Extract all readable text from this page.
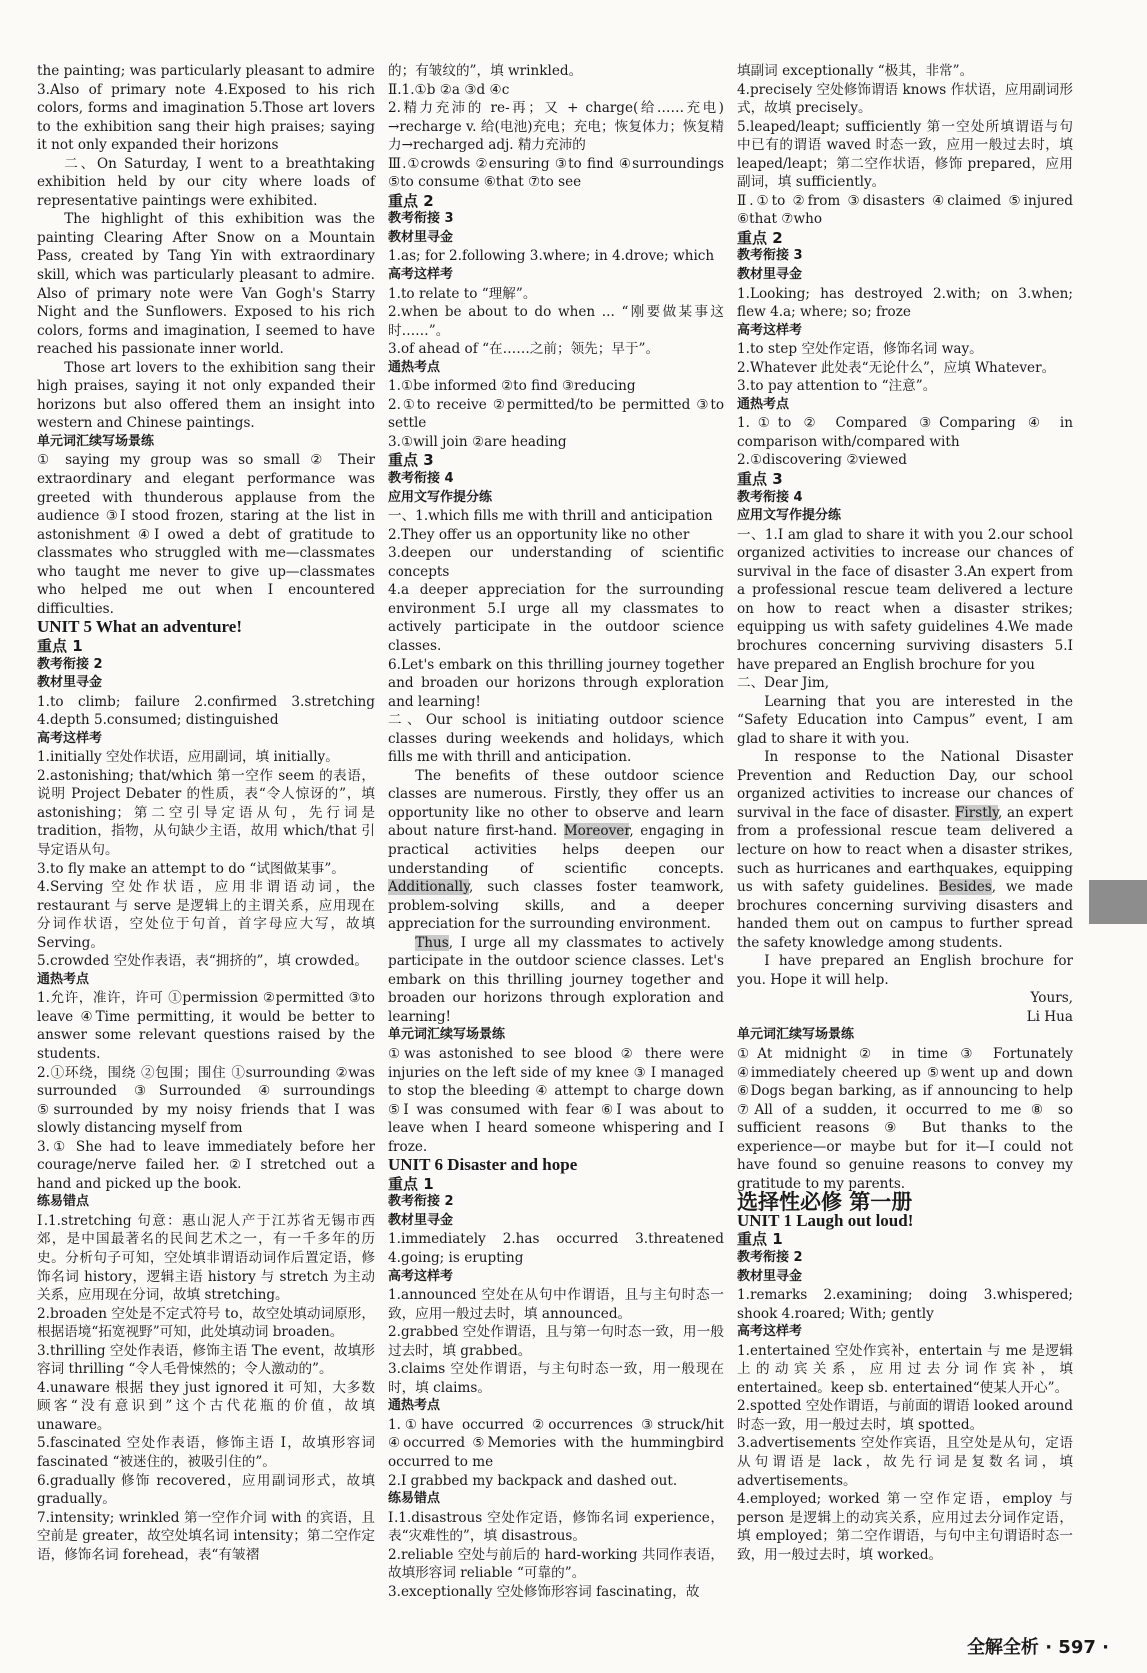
the painting; was particularly pleasant to admire

3.Also of primary note 4.Exposed to his rich colors, forms and imagination 5.Those art lovers to the exhibition sang their high praises; saying it not only expanded their horizons

二、On Saturday, I went to a breathtaking exhibition held by our city where loads of representative paintings were exhibited.

The highlight of this exhibition was the painting Clearing After Snow on a Mountain Pass, created by Tang Yin with extraordinary skill, which was particularly pleasant to admire. Also of primary note were Van Gogh's Starry Night and the Sunflowers. Exposed to his rich colors, forms and imagination, I seemed to have reached his passionate inner world.

Those art lovers to the exhibition sang their high praises, saying it not only expanded their horizons but also offered them an insight into western and Chinese paintings.

单元词汇续写场景练

① saying my group was so small ② Their extraordinary and elegant performance was greeted with thunderous applause from the audience ③I stood frozen, staring at the list in astonishment ④I owed a debt of gratitude to classmates who struggled with me—classmates who taught me never to give up—classmates who helped me out when I encountered difficulties.

UNIT 5 What an adventure!

重点 1

教考衔接 2

教材里寻金

1.to climb; failure 2.confirmed 3.stretching 4.depth 5.consumed; distinguished

高考这样考

1.initially 空处作状语，应用副词，填 initially。

2.astonishing; that/which 第一空作 seem 的表语，说明 Project Debater 的性质，表“令人惊讶的”，填 astonishing；第二空引导定语从句，先行词是 tradition，指物，从句缺少主语，故用 which/that 引导定语从句。

3.to fly make an attempt to do “试图做某事”。

4.Serving 空处作状语，应用非谓语动词，the restaurant 与 serve 是逻辑上的主谓关系，应用现在分词作状语，空处位于句首，首字母应大写，故填 Serving。

5.crowded 空处作表语，表“拥挤的”，填 crowded。

通热考点

1.允许，准许，许可 ①permission ②permitted ③to leave ④Time permitting, it would be better to answer some relevant questions raised by the students.

2.①环绕，围绕 ②包围；围住 ①surrounding ②was surrounded ③Surrounded ④surroundings ⑤surrounded by my noisy friends that I was slowly distancing myself from

3.① She had to leave immediately before her courage/nerve failed her. ②I stretched out a hand and picked up the book.

练易错点

Ⅰ.1.stretching 句意：惠山泥人产于江苏省无锡市西郊，是中国最著名的民间艺术之一，有一千多年的历史。分析句子可知，空处填非谓语动词作后置定语，修饰名词 history，逻辑主语 history 与 stretch 为主动关系，应用现在分词，故填 stretching。

2.broaden 空处是不定式符号 to，故空处填动词原形，根据语境“拓宽视野”可知，此处填动词 broaden。

3.thrilling 空处作表语，修饰主语 The event，故填形容词 thrilling “令人毛骨悚然的；令人激动的”。

4.unaware 根据 they just ignored it 可知，大多数顾客“没有意识到”这个古代花瓶的价值，故填 unaware。

5.fascinated 空处作表语，修饰主语 I，故填形容词 fascinated “被迷住的，被吸引住的”。

6.gradually 修饰 recovered，应用副词形式，故填 gradually。

7.intensity; wrinkled 第一空作介词 with 的宾语，且空前是 greater，故空处填名词 intensity；第二空作定语，修饰名词 forehead，表“有皱褶

的；有皱纹的”，填 wrinkled。

Ⅱ.1.①b ②a ③d ④c

2.精力充沛的 re-再；又 + charge(给……充电) →recharge v. 给(电池)充电；充电；恢复体力；恢复精力→recharged adj. 精力充沛的

Ⅲ.①crowds ②ensuring ③to find ④surroundings ⑤to consume ⑥that ⑦to see

重点 2

教考衔接 3

教材里寻金

1.as; for 2.following 3.where; in 4.drove; which

高考这样考

1.to relate to “理解”。

2.when be about to do when ... “刚要做某事这时……”。

3.of ahead of “在……之前；领先；早于”。

通热考点

1.①be informed ②to find ③reducing

2.①to receive ②permitted/to be permitted ③to settle

3.①will join ②are heading

重点 3

教考衔接 4

应用文写作提分练

一、1.which fills me with thrill and anticipation

2.They offer us an opportunity like no other

3.deepen our understanding of scientific concepts

4.a deeper appreciation for the surrounding environment 5.I urge all my classmates to actively participate in the outdoor science classes.

6.Let's embark on this thrilling journey together and broaden our horizons through exploration and learning!

二、Our school is initiating outdoor science classes during weekends and holidays, which fills me with thrill and anticipation.

The benefits of these outdoor science classes are numerous. Firstly, they offer us an opportunity like no other to observe and learn about nature first-hand. Moreover, engaging in practical activities helps deepen our understanding of scientific concepts. Additionally, such classes foster teamwork, problem-solving skills, and a deeper appreciation for the surrounding environment.

Thus, I urge all my classmates to actively participate in the outdoor science classes. Let's embark on this thrilling journey together and broaden our horizons through exploration and learning!

单元词汇续写场景练

①was astonished to see blood ② there were injuries on the left side of my knee ③ I managed to stop the bleeding ④ attempt to charge down ⑤I was consumed with fear ⑥I was about to leave when I heard someone whispering and I froze.

UNIT 6 Disaster and hope

重点 1

教考衔接 2

教材里寻金

1.immediately 2.has occurred 3.threatened 4.going; is erupting

高考这样考

1.announced 空处在从句中作谓语，且与主句时态一致，应用一般过去时，填 announced。

2.grabbed 空处作谓语，且与第一句时态一致，用一般过去时，填 grabbed。

3.claims 空处作谓语，与主句时态一致，用一般现在时，填 claims。

通热考点

1.①have occurred ②occurrences ③struck/hit ④occurred ⑤Memories with the hummingbird occurred to me

2.I grabbed my backpack and dashed out.

练易错点

Ⅰ.1.disastrous 空处作定语，修饰名词 experience，表“灾难性的”，填 disastrous。

2.reliable 空处与前后的 hard-working 共同作表语，故填形容词 reliable “可靠的”。

3.exceptionally 空处修饰形容词 fascinating，故

填副词 exceptionally “极其，非常”。

4.precisely 空处修饰谓语 knows 作状语，应用副词形式，故填 precisely。

5.leaped/leapt; sufficiently 第一空处所填谓语与句中已有的谓语 waved 时态一致，应用一般过去时，填 leaped/leapt；第二空作状语，修饰 prepared，应用副词，填 sufficiently。

Ⅱ.①to ②from ③disasters ④claimed ⑤injured ⑥that ⑦who

重点 2

教考衔接 3

教材里寻金

1.Looking; has destroyed 2.with; on 3.when; flew 4.a; where; so; froze

高考这样考

1.to step 空处作定语，修饰名词 way。

2.Whatever 此处表“无论什么”，应填 Whatever。

3.to pay attention to “注意”。

通热考点

1.①to ② Compared ③Comparing ④ in comparison with/compared with

2.①discovering ②viewed

重点 3

教考衔接 4

应用文写作提分练

一、1.I am glad to share it with you 2.our school organized activities to increase our chances of survival in the face of disaster 3.An expert from a professional rescue team delivered a lecture on how to react when a disaster strikes; equipping us with safety guidelines 4.We made brochures concerning surviving disasters 5.I have prepared an English brochure for you

二、Dear Jim,

Learning that you are interested in the “Safety Education into Campus” event, I am glad to share it with you.

In response to the National Disaster Prevention and Reduction Day, our school organized activities to increase our chances of survival in the face of disaster. Firstly, an expert from a professional rescue team delivered a lecture on how to react when a disaster strikes, such as hurricanes and earthquakes, equipping us with safety guidelines. Besides, we made brochures concerning surviving disasters and handed them out on campus to further spread the safety knowledge among students.

I have prepared an English brochure for you. Hope it will help.

Yours,

Li Hua

单元词汇续写场景练

①At midnight ② in time ③ Fortunately ④immediately cheered up ⑤went up and down ⑥Dogs began barking, as if announcing to help ⑦All of a sudden, it occurred to me ⑧ so sufficient reasons ⑨ But thanks to the experience—or maybe but for it—I could not have found so genuine reasons to convey my gratitude to my parents.

选择性必修 第一册

UNIT 1 Laugh out loud!

重点 1

教考衔接 2

教材里寻金

1.remarks 2.examining; doing 3.whispered; shook 4.roared; With; gently

高考这样考

1.entertained 空处作宾补，entertain 与 me 是逻辑上的动宾关系，应用过去分词作宾补，填 entertained。keep sb. entertained“使某人开心”。

2.spotted 空处作谓语，与前面的谓语 looked around 时态一致，用一般过去时，填 spotted。

3.advertisements 空处作宾语，且空处是从句，定语从句谓语是 lack，故先行词是复数名词，填 advertisements。

4.employed; worked 第一空作定语，employ 与 person 是逻辑上的动宾关系，应用过去分词作定语，填 employed；第二空作谓语，与句中主句谓语时态一致，用一般过去时，填 worked。

全解全析 · 597 ·
